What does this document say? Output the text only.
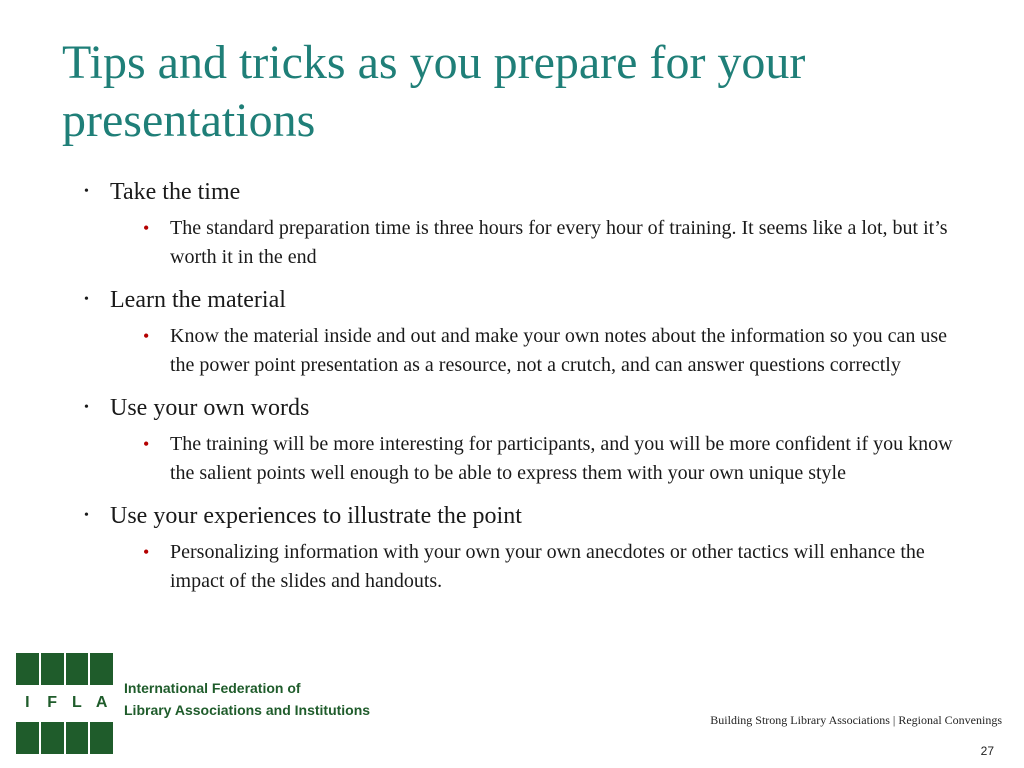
Tips and tricks as you prepare for your presentations
• Take the time
• The standard preparation time is three hours for every hour of training. It seems like a lot, but it’s worth it in the end
• Learn the material
• Know the material inside and out and make your own notes about the information so you can use the power point presentation as a resource, not a crutch, and can answer questions correctly
• Use your own words
• The training will be more interesting for participants, and you will be more confident if you know the salient points well enough to be able to express them with your own unique style
• Use your experiences to illustrate the point
• Personalizing information with your own your own anecdotes or other tactics will enhance the impact of the slides and handouts.
I	F L A
International Federation of
Library Associations and Institutions
Building Strong Library Associations | Regional Convenings
27
